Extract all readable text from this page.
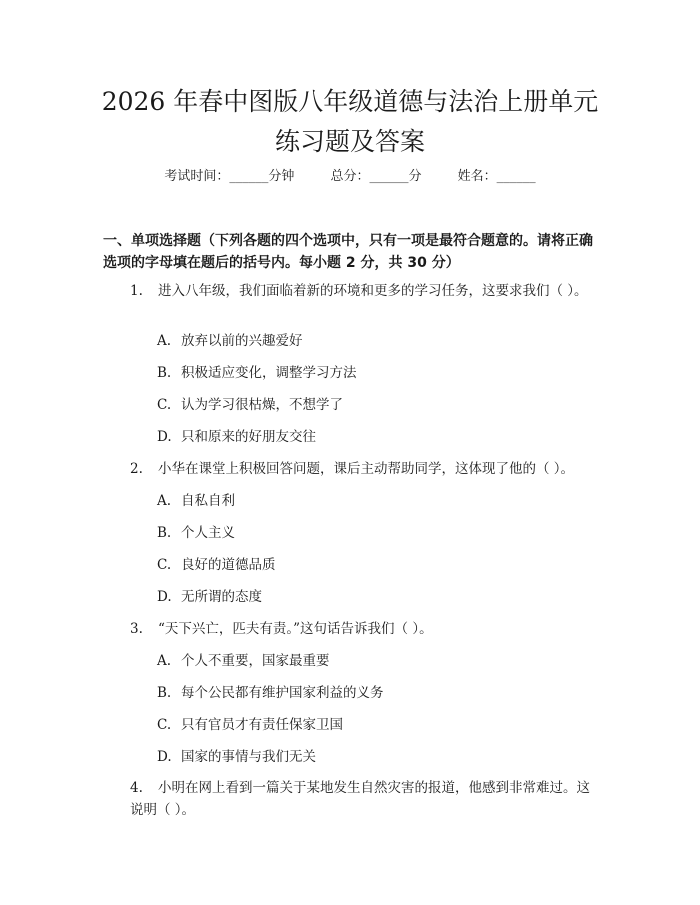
2026 年春中图版八年级道德与法治上册单元
练习题及答案
考试时间：______分钟	总分：______分	姓名：______
一、单项选择题（下列各题的四个选项中，只有一项是最符合题意的。请将正确选项的字母填在题后的括号内。每小题 2 分，共 30 分）
1. 进入八年级，我们面临着新的环境和更多的学习任务，这要求我们（ ）。
A. 放弃以前的兴趣爱好
B. 积极适应变化，调整学习方法
C. 认为学习很枯燥，不想学了
D. 只和原来的好朋友交往
2. 小华在课堂上积极回答问题，课后主动帮助同学，这体现了他的（ ）。
A. 自私自利
B. 个人主义
C. 良好的道德品质
D. 无所谓的态度
3. “天下兴亡，匹夫有责。”这句话告诉我们（ ）。
A. 个人不重要，国家最重要
B. 每个公民都有维护国家利益的义务
C. 只有官员才有责任保家卫国
D. 国家的事情与我们无关
4. 小明在网上看到一篇关于某地发生自然灾害的报道，他感到非常难过。这说明（ ）。
